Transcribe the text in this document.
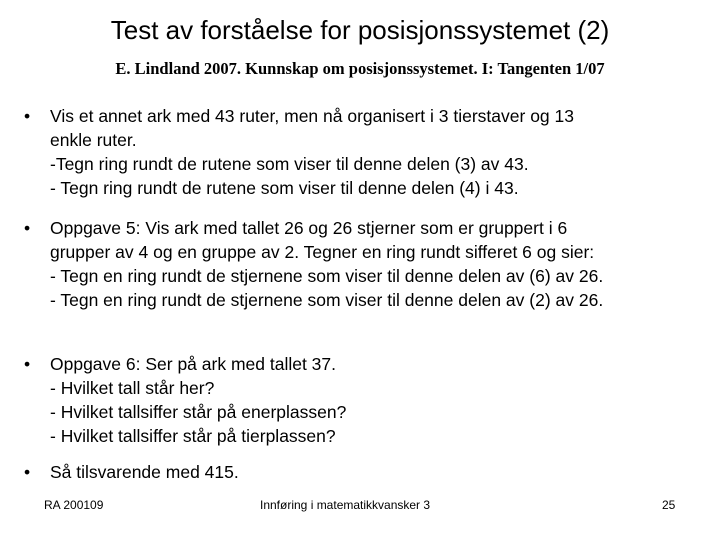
Test av forståelse for posisjonssystemet (2)
E. Lindland 2007. Kunnskap om posisjonssystemet. I: Tangenten 1/07
•	Vis et annet ark med 43 ruter, men nå organisert i 3 tierstaver og 13
enkle ruter.
-Tegn ring rundt de rutene som viser til denne delen (3) av 43.
- Tegn ring rundt de rutene som viser til denne delen (4) i 43.
•	Oppgave 5: Vis ark med tallet 26 og 26 stjerner som er gruppert i 6
grupper av 4 og en gruppe av 2. Tegner en ring rundt sifferet 6 og sier:
- Tegn en ring rundt de stjernene som viser til denne delen av (6) av 26.
- Tegn en ring rundt de stjernene som viser til denne delen av (2) av 26.
•	Oppgave 6: Ser på ark med tallet 37.
- Hvilket tall står her?
- Hvilket tallsiffer står på enerplassen?
- Hvilket tallsiffer står på tierplassen?
•	Så tilsvarende med 415.
RA 200109	Innføring i matematikkvansker 3	25
